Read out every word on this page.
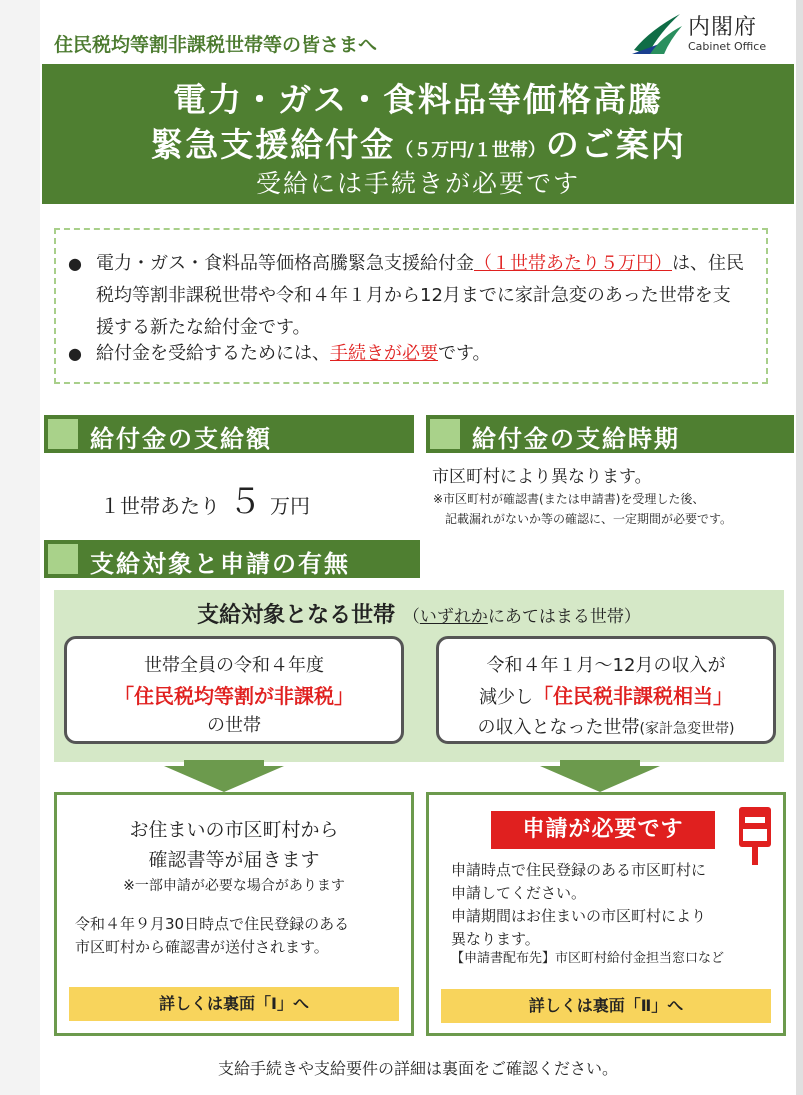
住民税均等割非課税世帯等の皆さまへ
内閣府
Cabinet Office
電力・ガス・食料品等価格高騰
緊急支援給付金（５万円/１世帯）のご案内
受給には手続きが必要です
● 電力・ガス・食料品等価格高騰緊急支援給付金（１世帯あたり５万円）は、住民税均等割非課税世帯や令和４年１月から12月までに家計急変のあった世帯を支援する新たな給付金です。
● 給付金を受給するためには、手続きが必要です。
給付金の支給額	給付金の支給時期
１世帯あたり ５ 万円
市区町村により異なります。
※市区町村が確認書(または申請書)を受理した後、
記載漏れがないか等の確認に、一定期間が必要です。
支給対象と申請の有無
支給対象となる世帯 （いずれかにあてはまる世帯）
世帯全員の令和４年度
「住民税均等割が非課税」
の世帯
令和４年１月～12月の収入が
減少し「住民税非課税相当」
の収入となった世帯(家計急変世帯)
お住まいの市区町村から
確認書等が届きます
※一部申請が必要な場合があります
令和４年９月30日時点で住民登録のある
市区町村から確認書が送付されます。
詳しくは裏面「Ⅰ」へ
申請が必要です
申請時点で住民登録のある市区町村に
申請してください。
申請期間はお住まいの市区町村により
異なります。
【申請書配布先】市区町村給付金担当窓口など
詳しくは裏面「Ⅱ」へ
支給手続きや支給要件の詳細は裏面をご確認ください。
